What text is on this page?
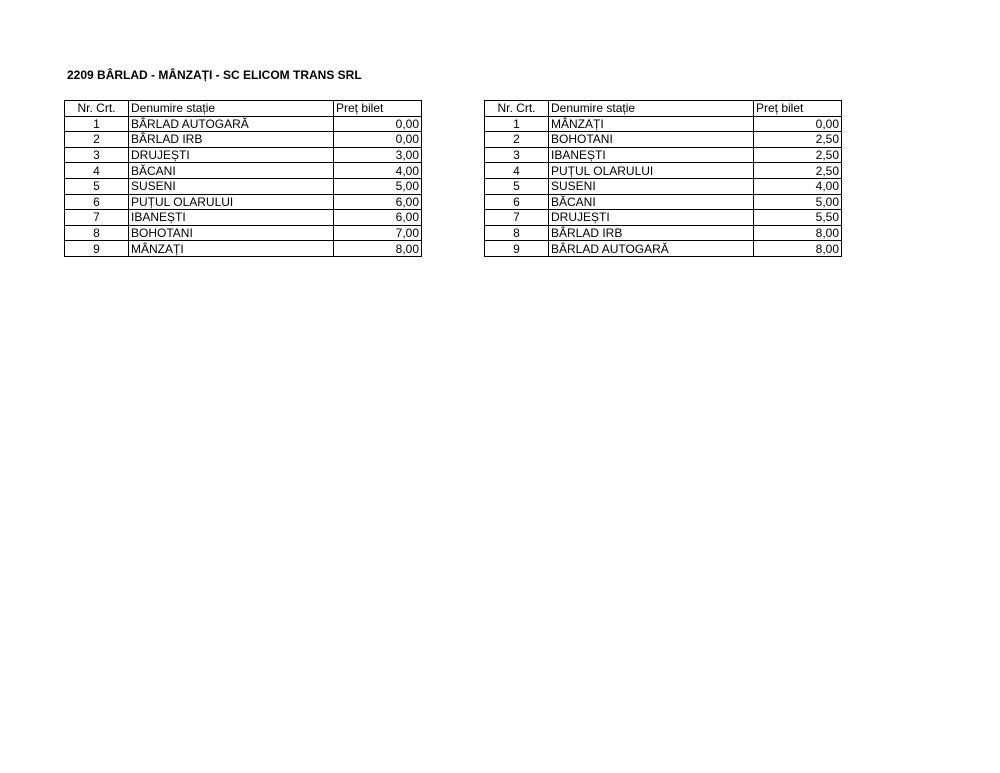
2209 BÂRLAD - MÂNZAȚI - SC ELICOM TRANS SRL
Nr. Crt.	Denumire stație	Preț bilet
1	BÂRLAD AUTOGARĂ	0,00
2	BÂRLAD IRB	0,00
3	DRUJEȘTI	3,00
4	BĂCANI	4,00
5	SUSENI	5,00
6	PUȚUL OLARULUI	6,00
7	IBANEȘTI	6,00
8	BOHOTANI	7,00
9	MÂNZAȚI	8,00
Nr. Crt.	Denumire stație	Preț bilet
1	MÂNZAȚI	0,00
2	BOHOTANI	2,50
3	IBANEȘTI	2,50
4	PUȚUL OLARULUI	2,50
5	SUSENI	4,00
6	BĂCANI	5,00
7	DRUJEȘTI	5,50
8	BÂRLAD IRB	8,00
9	BÂRLAD AUTOGARĂ	8,00
